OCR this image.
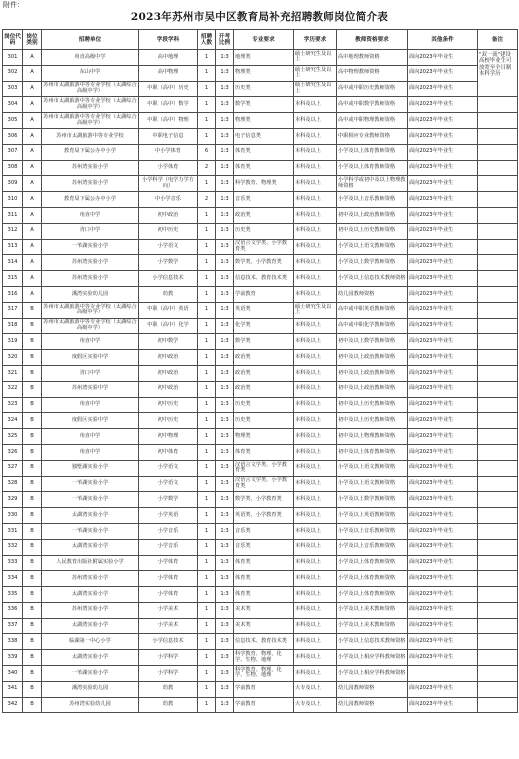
附件：
2023年苏州市吴中区教育局补充招聘教师岗位简介表
岗位代码	岗位类别	招聘单位	学段学科	招聘人数	开考比例	专业要求	学历要求	教师资格要求	其他条件	备注
301	A	甪直高级中学	高中地理	1	1:3	地理类	硕士研究生及以上	高中地理教师资格	面向2023年毕业生	"双一流"建设高校毕业生可放宽至全日制本科学历
302	A	东山中学	高中物理	1	1:3	物理类	硕士研究生及以上	高中物理教师资格	面向2023年毕业生	
303	A	苏州市太湖旅游中等专业学校（太湖综合高级中学）	中职（高中）历史	1	1:3	历史类	硕士研究生及以上	高中或中职历史教师资格	面向2023年毕业生	
304	A	苏州市太湖旅游中等专业学校（太湖综合高级中学）	中职（高中）数学	1	1:3	数学类	本科及以上	高中或中职数学教师资格	面向2023年毕业生	
305	A	苏州市太湖旅游中等专业学校（太湖综合高级中学）	中职（高中）物理	1	1:3	物理类	本科及以上	高中或中职物理教师资格	面向2023年毕业生	
306	A	苏州市太湖旅游中等专业学校	中职电子信息	1	1:3	电子信息类	本科及以上	中职相应专业教师资格	面向2023年毕业生	
307	A	教育局下属公办中小学	中小学体育	6	1:3	体育类	本科及以上	小学及以上体育教师资格	面向2023年毕业生	
308	A	苏州湾实验小学	小学体育	2	1:3	体育类	本科及以上	小学及以上体育教师资格	面向2023年毕业生	
309	A	苏州湾实验小学	小学科学（电学力学方向）	1	1:3	科学教育、物理类	本科及以上	小学科学或初中及以上物理教师资格	面向2023年毕业生	
310	A	教育局下属公办中小学	中小学音乐	2	1:3	音乐类	本科及以上	小学及以上音乐教师资格	面向2023年毕业生	
311	A	甪直中学	初中政治	1	1:3	政治类	本科及以上	初中及以上政治教师资格	面向2023年毕业生	
312	A	胥口中学	初中历史	1	1:3	历史类	本科及以上	初中及以上历史教师资格	面向2023年毕业生	
313	A	一苇湖实验小学	小学语文	1	1:3	汉语言文学类、小学教育类	本科及以上	小学及以上语文教师资格	面向2023年毕业生	
314	A	苏州湾实验小学	小学数学	1	1:3	数学类、小学教育类	本科及以上	小学及以上数学教师资格	面向2023年毕业生	
315	A	苏州湾实验小学	小学信息技术	1	1:3	信息技术、教育技术类	本科及以上	小学及以上信息技术教师资格	面向2023年毕业生	
316	A	溪湾实验幼儿园	幼教	1	1:3	学前教育	本科及以上	幼儿园教师资格	面向2023年毕业生	
317	B	苏州市太湖旅游中等专业学校（太湖综合高级中学）	中职（高中）英语	1	1:3	英语类	硕士研究生及以上	高中或中职英语教师资格	面向2023年毕业生	
318	B	苏州市太湖旅游中等专业学校（太湖综合高级中学）	中职（高中）化学	1	1:3	化学类	本科及以上	高中或中职化学教师资格	面向2023年毕业生	
319	B	甪直中学	初中数学	1	1:3	数学类	本科及以上	初中及以上数学教师资格	面向2023年毕业生	
320	B	度假区实验中学	初中政治	1	1:3	政治类	本科及以上	初中及以上政治教师资格	面向2023年毕业生	
321	B	胥口中学	初中政治	1	1:3	政治类	本科及以上	初中及以上政治教师资格	面向2023年毕业生	
322	B	苏州湾实验中学	初中政治	1	1:3	政治类	本科及以上	初中及以上政治教师资格	面向2023年毕业生	
323	B	甪直中学	初中历史	1	1:3	历史类	本科及以上	初中及以上历史教师资格	面向2023年毕业生	
324	B	度假区实验中学	初中历史	1	1:3	历史类	本科及以上	初中及以上历史教师资格	面向2023年毕业生	
325	B	甪直中学	初中物理	1	1:3	物理类	本科及以上	初中及以上物理教师资格	面向2023年毕业生	
326	B	甪直中学	初中体育	1	1:3	体育类	本科及以上	初中及以上体育教师资格	面向2023年毕业生	
327	B	独墅湖实验小学	小学语文	1	1:3	汉语言文学类、小学教育类	本科及以上	小学及以上语文教师资格	面向2023年毕业生	
328	B	一苇湖实验小学	小学语文	1	1:3	汉语言文学类、小学教育类	本科及以上	小学及以上语文教师资格	面向2023年毕业生	
329	B	一苇湖实验小学	小学数学	1	1:3	数学类、小学教育类	本科及以上	小学及以上数学教师资格	面向2023年毕业生	
330	B	太湖湾实验小学	小学英语	1	1:3	英语类、小学教育类	本科及以上	小学及以上英语教师资格	面向2023年毕业生	
331	B	一苇湖实验小学	小学音乐	1	1:3	音乐类	本科及以上	小学及以上音乐教师资格	面向2023年毕业生	
332	B	太湖湾实验小学	小学音乐	1	1:3	音乐类	本科及以上	小学及以上音乐教师资格	面向2023年毕业生	
333	B	人民教育出版社附属实验小学	小学体育	1	1:3	体育类	本科及以上	小学及以上体育教师资格	面向2023年毕业生	
334	B	苏州湾实验小学	小学体育	1	1:3	体育类	本科及以上	小学及以上体育教师资格	面向2023年毕业生	
335	B	太湖湾实验小学	小学体育	1	1:3	体育类	本科及以上	小学及以上体育教师资格	面向2023年毕业生	
336	B	苏州湾实验小学	小学美术	1	1:3	美术类	本科及以上	小学及以上美术教师资格	面向2023年毕业生	
337	B	太湖湾实验小学	小学美术	1	1:3	美术类	本科及以上	小学及以上美术教师资格	面向2023年毕业生	
338	B	临湖第一中心小学	小学信息技术	1	1:3	信息技术、教育技术类	本科及以上	小学及以上信息技术教师资格	面向2023年毕业生	
339	B	太湖湾实验小学	小学科学	1	1:3	科学教育、物理、化学、生物、地理	本科及以上	小学及以上相应学科教师资格	面向2023年毕业生	
340	B	一苇湖实验小学	小学科学	1	1:3	科学教育、物理、化学、生物、地理	本科及以上	小学及以上相应学科教师资格		
341	B	溪湾实验幼儿园	幼教	1	1:3	学前教育	大专及以上	幼儿园教师资格	面向2023年毕业生	
342	B	苏州湾实验幼儿园	幼教	1	1:3	学前教育	大专及以上	幼儿园教师资格	面向2023年毕业生	
